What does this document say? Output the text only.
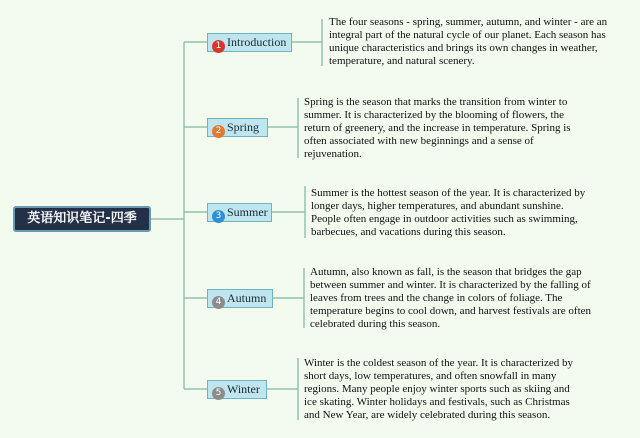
英语知识笔记-四季
1 Introduction
The four seasons - spring, summer, autumn, and winter - are an integral part of the natural cycle of our planet. Each season has unique characteristics and brings its own changes in weather, temperature, and natural scenery.
2 Spring
Spring is the season that marks the transition from winter to summer. It is characterized by the blooming of flowers, the return of greenery, and the increase in temperature. Spring is often associated with new beginnings and a sense of rejuvenation.
3 Summer
Summer is the hottest season of the year. It is characterized by longer days, higher temperatures, and abundant sunshine. People often engage in outdoor activities such as swimming, barbecues, and vacations during this season.
4 Autumn
Autumn, also known as fall, is the season that bridges the gap between summer and winter. It is characterized by the falling of leaves from trees and the change in colors of foliage. The temperature begins to cool down, and harvest festivals are often celebrated during this season.
5 Winter
Winter is the coldest season of the year. It is characterized by short days, low temperatures, and often snowfall in many regions. Many people enjoy winter sports such as skiing and ice skating. Winter holidays and festivals, such as Christmas and New Year, are widely celebrated during this season.
